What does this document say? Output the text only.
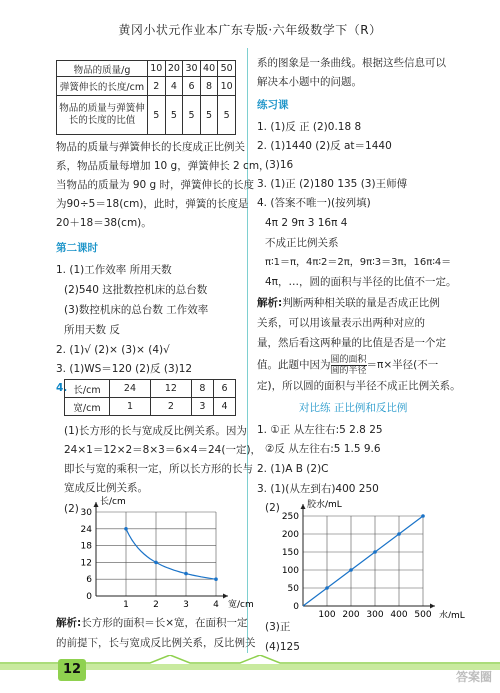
黄冈小状元作业本广东专版·六年级数学下（R）
物品的质量/g	10	20	30	40	50
弹簧伸长的长度/cm	2	4	6	8	10
物品的质量与弹簧伸长的长度的比值	5	5	5	5	5
物品的质量与弹簧伸长的长度成正比例关
系，物品质量每增加 10 g，弹簧伸长 2 cm，
当物品的质量为 90 g 时，弹簧伸长的长度
为90÷5＝18(cm)，此时，弹簧的长度是
20＋18＝38(cm)。
第二课时
1. (1)工作效率 所用天数
(2)540 这批数控机床的总台数
(3)数控机床的总台数 工作效率
所用天数 反
2. (1)√ (2)× (3)× (4)√
3. (1)WS＝120 (2)反 (3)12
4. 长/cm	24	12	8	6
宽/cm	1	2	3	4
(1)长方形的长与宽成反比例关系。因为
24×1＝12×2＝8×3＝6×4＝24(一定)，
即长与宽的乘积一定，所以长方形的长与
宽成反比例关系。
(2) 30
24
18
12
6
0
1	2	3	4
长/cm
宽/cm
解析:长方形的面积＝长×宽，在面积一定
的前提下，长与宽成反比例关系，反比例关
系的图象是一条曲线。根据这些信息可以
解决本小题中的问题。
练习课
1. (1)反 正 (2)0.18 8
2. (1)1440 (2)反 at＝1440
(3)16
3. (1)正 (2)180 135 (3)王师傅
4. (答案不唯一)(按列填)
4π 2 9π 3 16π 4
不成正比例关系
π∶1＝π，4π∶2＝2π，9π∶3＝3π，16π∶4＝
4π，…，圆的面积与半径的比值不一定。
解析:判断两种相关联的量是否成正比例
关系，可以用该量表示出两种对应的
量，然后看这两种量的比值是否是一个定
值。此题中因为 $\frac{\text{圆的面积}}{\text{圆的半径}} =\pi\times$半径(不一
定)，所以圆的面积与半径不成正比例关系。
对比练 正比例和反比例
1. ①正 从左往右:5 2.8 25
②反 从左往右:5 1.5 9.6
2. (1)A B (2)C
3. (1)(从左到右)400 250
(2)
250
200
150
100
50
0
100 200 300 400 500
胶水/mL
水/mL
(3)正
(4)125
12	答案圈
